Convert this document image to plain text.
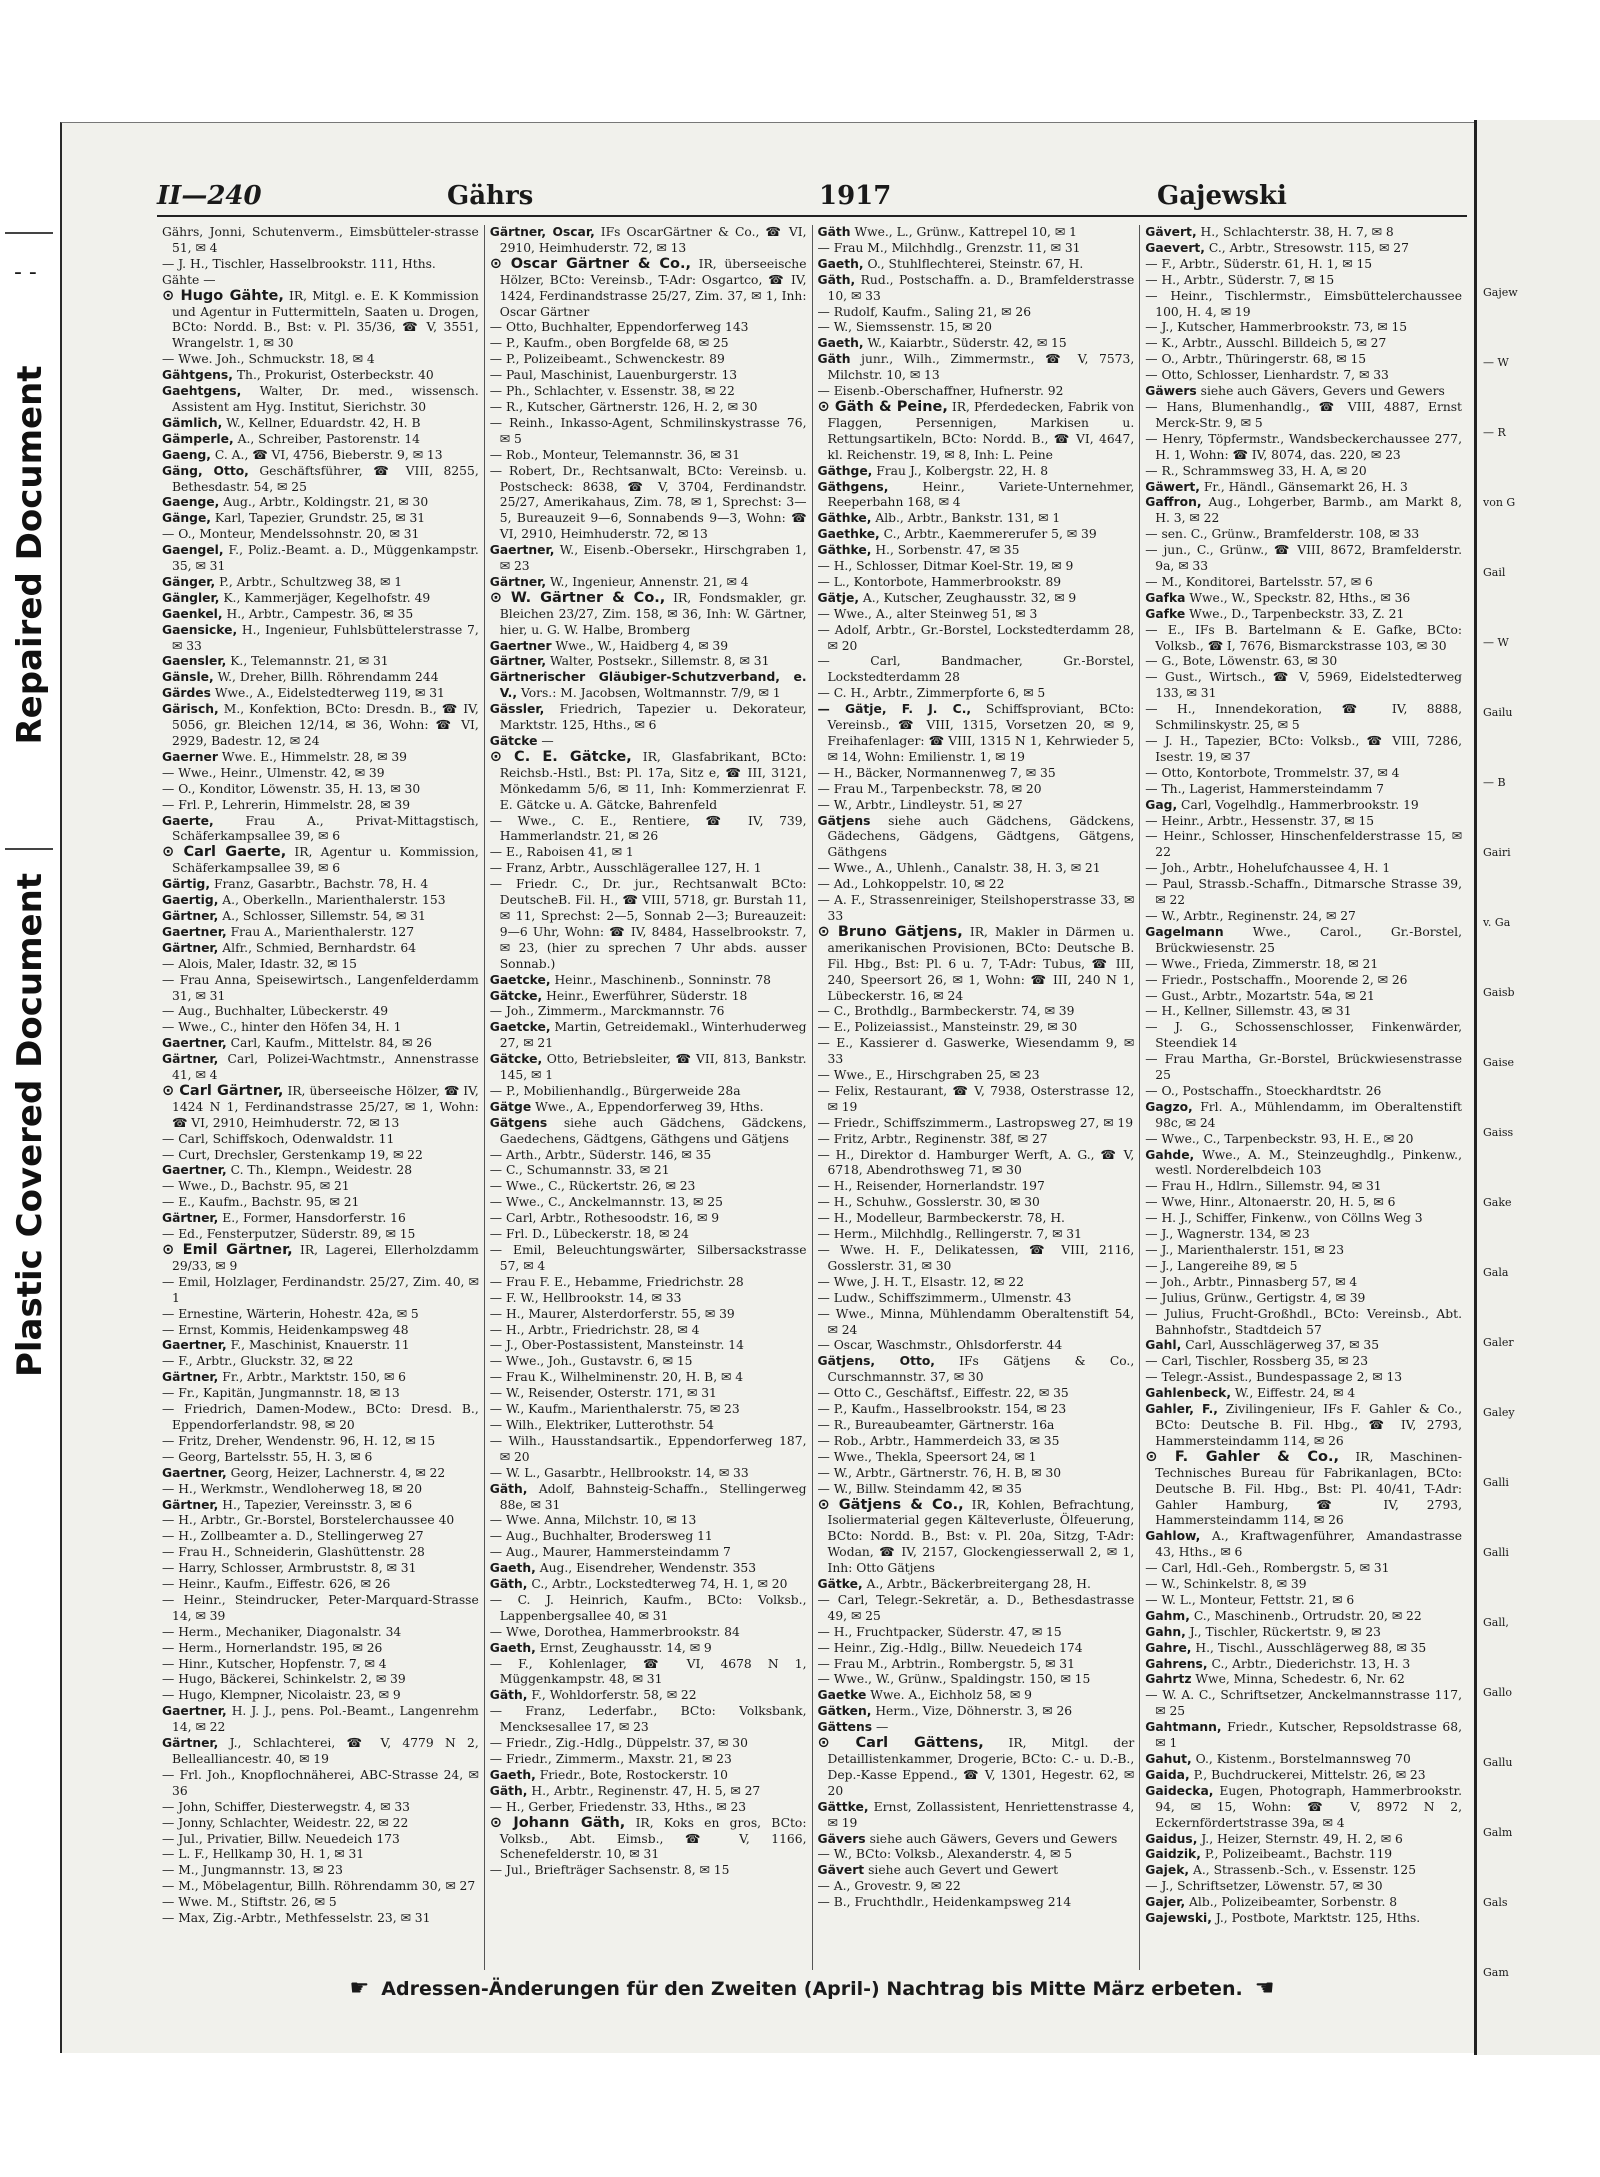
- -
Repaired Document
Plastic Covered Document
II—240	Gährs	1917	Gajewski

Gährs, Jonni, Schutenverm., Eimsbütteler-strasse 51, ✉ 4

— J. H., Tischler, Hasselbrookstr. 111, Hths.

Gähte —

⊙ Hugo Gähte, IR, Mitgl. e. E. K Kommission und Agentur in Futtermitteln, Saaten u. Drogen, BCto: Nordd. B., Bst: v. Pl. 35/36, ☎ V, 3551, Wrangelstr. 1, ✉ 30

— Wwe. Joh., Schmuckstr. 18, ✉ 4

Gähtgens, Th., Prokurist, Osterbeckstr. 40

Gaehtgens, Walter, Dr. med., wissensch. Assistent am Hyg. Institut, Sierichstr. 30

Gämlich, W., Kellner, Eduardstr. 42, H. B

Gämperle, A., Schreiber, Pastorenstr. 14

Gaeng, C. A., ☎ VI, 4756, Bieberstr. 9, ✉ 13

Gäng, Otto, Geschäftsführer, ☎ VIII, 8255, Bethesdastr. 54, ✉ 25

Gaenge, Aug., Arbtr., Koldingstr. 21, ✉ 30

Gänge, Karl, Tapezier, Grundstr. 25, ✉ 31

— O., Monteur, Mendelssohnstr. 20, ✉ 31

Gaengel, F., Poliz.-Beamt. a. D., Müggenkampstr. 35, ✉ 31

Gänger, P., Arbtr., Schultzweg 38, ✉ 1

Gängler, K., Kammerjäger, Kegelhofstr. 49

Gaenkel, H., Arbtr., Campestr. 36, ✉ 35

Gaensicke, H., Ingenieur, Fuhlsbüttelerstrasse 7, ✉ 33

Gaensler, K., Telemannstr. 21, ✉ 31

Gänsle, W., Dreher, Billh. Röhrendamm 244

Gärdes Wwe., A., Eidelstedterweg 119, ✉ 31

Gärisch, M., Konfektion, BCto: Dresdn. B., ☎ IV, 5056, gr. Bleichen 12/14, ✉ 36, Wohn: ☎ VI, 2929, Badestr. 12, ✉ 24

Gaerner Wwe. E., Himmelstr. 28, ✉ 39

— Wwe., Heinr., Ulmenstr. 42, ✉ 39

— O., Konditor, Löwenstr. 35, H. 13, ✉ 30

— Frl. P., Lehrerin, Himmelstr. 28, ✉ 39

Gaerte,	Frau A., Privat-Mittagstisch, Schäferkampsallee 39, ✉ 6

⊙ Carl Gaerte, IR, Agentur u. Kommission, Schäferkampsallee 39, ✉ 6

Gärtig, Franz, Gasarbtr., Bachstr. 78, H. 4

Gaertig, A., Oberkelln., Marienthalerstr. 153

Gärtner, A., Schlosser, Sillemstr. 54, ✉ 31

Gaertner, Frau A., Marienthalerstr. 127

Gärtner, Alfr., Schmied, Bernhardstr. 64

— Alois, Maler, Idastr. 32, ✉ 15

— Frau Anna, Speisewirtsch., Langenfelderdamm 31, ✉ 31

— Aug., Buchhalter, Lübeckerstr. 49

— Wwe., C., hinter den Höfen 34, H. 1

Gaertner, Carl, Kaufm., Mittelstr. 84, ✉ 26

Gärtner, Carl, Polizei-Wachtmstr., Annenstrasse 41, ✉ 4

⊙ Carl Gärtner, IR, überseeische Hölzer, ☎ IV, 1424 N 1, Ferdinandstrasse 25/27, ✉ 1, Wohn: ☎ VI, 2910, Heimhuderstr. 72, ✉ 13

— Carl, Schiffskoch, Odenwaldstr. 11

— Curt, Drechsler, Gerstenkamp 19, ✉ 22

Gaertner, C. Th., Klempn., Weidestr. 28

— Wwe., D., Bachstr. 95, ✉ 21

— E., Kaufm., Bachstr. 95, ✉ 21

Gärtner, E., Former, Hansdorferstr. 16

— Ed., Fensterputzer, Süderstr. 89, ✉ 15

⊙ Emil Gärtner, IR, Lagerei, Ellerholzdamm 29/33, ✉ 9

— Emil, Holzlager, Ferdinandstr. 25/27, Zim. 40, ✉ 1

— Ernestine, Wärterin, Hohestr. 42a, ✉ 5

— Ernst, Kommis, Heidenkampsweg 48

Gaertner, F., Maschinist, Knauerstr. 11

— F., Arbtr., Gluckstr. 32, ✉ 22

Gärtner, Fr., Arbtr., Marktstr. 150, ✉ 6

— Fr., Kapitän, Jungmannstr. 18, ✉ 13

— Friedrich, Damen-Modew., BCto: Dresd. B., Eppendorferlandstr. 98, ✉ 20

— Fritz, Dreher, Wendenstr. 96, H. 12, ✉ 15

— Georg, Bartelsstr. 55, H. 3, ✉ 6

Gaertner, Georg, Heizer, Lachnerstr. 4, ✉ 22

— H., Werkmstr., Wendloherweg 18, ✉ 20

Gärtner, H., Tapezier, Vereinsstr. 3, ✉ 6

— H., Arbtr., Gr.-Borstel, Borstelerchaussee 40

— H., Zollbeamter a. D., Stellingerweg 27

— Frau H., Schneiderin, Glashüttenstr. 28

— Harry, Schlosser, Armbruststr. 8, ✉ 31

— Heinr., Kaufm., Eiffestr. 626, ✉ 26

— Heinr., Steindrucker, Peter-Marquard-Strasse 14, ✉ 39

— Herm., Mechaniker, Diagonalstr. 34

— Herm., Hornerlandstr. 195, ✉ 26

— Hinr., Kutscher, Hopfenstr. 7, ✉ 4

— Hugo, Bäckerei, Schinkelstr. 2, ✉ 39

— Hugo, Klempner, Nicolaistr. 23, ✉ 9

Gaertner, H. J. J., pens. Pol.-Beamt., Langenrehm 14, ✉ 22

Gärtner, J., Schlachterei, ☎ V, 4779 N 2, Bellealliancestr. 40, ✉ 19

— Frl. Joh., Knopflochnäherei, ABC-Strasse 24, ✉ 36

— John, Schiffer, Diesterwegstr. 4, ✉ 33

— Jonny, Schlachter, Weidestr. 22, ✉ 22

— Jul., Privatier, Billw. Neuedeich 173

— L. F., Hellkamp 30, H. 1, ✉ 31

— M., Jungmannstr. 13, ✉ 23

— M., Möbelagentur, Billh. Röhrendamm 30, ✉ 27

— Wwe. M., Stiftstr. 26, ✉ 5

— Max, Zig.-Arbtr., Methfesselstr. 23, ✉ 31

Gärtner, Oscar, IFs OscarGärtner & Co., ☎ VI, 2910, Heimhuderstr. 72, ✉ 13

⊙ Oscar Gärtner & Co., IR, überseeische Hölzer, BCto: Vereinsb., T-Adr: Osgartco, ☎ IV, 1424, Ferdinandstrasse 25/27, Zim. 37, ✉ 1, Inh: Oscar Gärtner

— Otto, Buchhalter, Eppendorferweg 143

— P., Kaufm., oben Borgfelde 68, ✉ 25

— P., Polizeibeamt., Schwenckestr. 89

— Paul, Maschinist, Lauenburgerstr. 13

— Ph., Schlachter, v. Essenstr. 38, ✉ 22

— R., Kutscher, Gärtnerstr. 126, H. 2, ✉ 30

— Reinh., Inkasso-Agent, Schmilinskystrasse 76, ✉ 5

— Rob., Monteur, Telemannstr. 36, ✉ 31

— Robert, Dr., Rechtsanwalt, BCto: Vereinsb. u. Postscheck: 8638, ☎ V, 3704, Ferdinandstr. 25/27, Amerikahaus, Zim. 78, ✉ 1, Sprechst: 3—5, Bureauzeit 9—6, Sonnabends 9—3, Wohn: ☎ VI, 2910, Heimhuderstr. 72, ✉ 13

Gaertner, W., Eisenb.-Obersekr., Hirschgraben 1, ✉ 23

Gärtner, W., Ingenieur, Annenstr. 21, ✉ 4

⊙ W. Gärtner & Co., IR, Fondsmakler, gr. Bleichen 23/27, Zim. 158, ✉ 36, Inh: W. Gärtner, hier, u. G. W. Halbe, Bromberg

Gaertner Wwe., W., Haidberg 4, ✉ 39

Gärtner, Walter, Postsekr., Sillemstr. 8, ✉ 31

Gärtnerischer Gläubiger-Schutzverband, e. V., Vors.: M. Jacobsen, Woltmannstr. 7/9, ✉ 1

Gässler, Friedrich, Tapezier u. Dekorateur, Marktstr. 125, Hths., ✉ 6

Gätcke —

⊙ C. E. Gätcke, IR, Glasfabrikant, BCto: Reichsb.-Hstl., Bst: Pl. 17a, Sitz e, ☎ III, 3121, Mönkedamm 5/6, ✉ 11, Inh: Kommerzienrat F. E. Gätcke u. A. Gätcke, Bahrenfeld

— Wwe., C. E., Rentiere, ☎ IV, 739, Hammerlandstr. 21, ✉ 26

— E., Raboisen 41, ✉ 1

— Franz, Arbtr., Ausschlägerallee 127, H. 1

— Friedr. C., Dr. jur., Rechtsanwalt BCto: DeutscheB. Fil. H., ☎ VIII, 5718, gr. Burstah 11, ✉ 11, Sprechst: 2—5, Sonnab 2—3; Bureauzeit: 9—6 Uhr, Wohn: ☎ IV, 8484, Hasselbrookstr. 7, ✉ 23, (hier zu sprechen 7 Uhr abds. ausser Sonnab.)

Gaetcke, Heinr., Maschinenb., Sonninstr. 78

Gätcke, Heinr., Ewerführer, Süderstr. 18

— Joh., Zimmerm., Marckmannstr. 76

Gaetcke, Martin, Getreidemakl., Winterhuderweg 27, ✉ 21

Gätcke, Otto, Betriebsleiter, ☎ VII, 813, Bankstr. 145, ✉ 1

— P., Mobilienhandlg., Bürgerweide 28a

Gätge Wwe., A., Eppendorferweg 39, Hths.

Gätgens siehe auch Gädchens, Gädckens, Gaedechens, Gädtgens, Gäthgens und Gätjens

— Arth., Arbtr., Süderstr. 146, ✉ 35

— C., Schumannstr. 33, ✉ 21

— Wwe., C., Rückertstr. 26, ✉ 23

— Wwe., C., Anckelmannstr. 13, ✉ 25

— Carl, Arbtr., Rothesoodstr. 16, ✉ 9

— Frl. D., Lübeckerstr. 18, ✉ 24

— Emil, Beleuchtungswärter, Silbersackstrasse 57, ✉ 4

— Frau F. E., Hebamme, Friedrichstr. 28

— F. W., Hellbrookstr. 14, ✉ 33

— H., Maurer, Alsterdorferstr. 55, ✉ 39

— H., Arbtr., Friedrichstr. 28, ✉ 4

— J., Ober-Postassistent, Mansteinstr. 14

— Wwe., Joh., Gustavstr. 6, ✉ 15

— Frau K., Wilhelminenstr. 20, H. B, ✉ 4

— W., Reisender, Osterstr. 171, ✉ 31

— W., Kaufm., Marienthalerstr. 75, ✉ 23

— Wilh., Elektriker, Lutterothstr. 54

— Wilh., Hausstandsartik., Eppendorferweg 187, ✉ 20

— W. L., Gasarbtr., Hellbrookstr. 14, ✉ 33

Gäth, Adolf, Bahnsteig-Schaffn., Stellingerweg 88e, ✉ 31

— Wwe. Anna, Milchstr. 10, ✉ 13

— Aug., Buchhalter, Brodersweg 11

— Aug., Maurer, Hammersteindamm 7

Gaeth, Aug., Eisendreher, Wendenstr. 353

Gäth, C., Arbtr., Lockstedterweg 74, H. 1, ✉ 20

— C. J. Heinrich, Kaufm., BCto: Volksb., Lappenbergsallee 40, ✉ 31

— Wwe, Dorothea, Hammerbrookstr. 84

Gaeth, Ernst, Zeughausstr. 14, ✉ 9

— F., Kohlenlager, ☎ VI, 4678 N 1, Müggenkampstr. 48, ✉ 31

Gäth, F., Wohldorferstr. 58, ✉ 22

— Franz, Lederfabr., BCto: Volksbank, Mencksesallee 17, ✉ 23

— Friedr., Zig.-Hdlg., Düppelstr. 37, ✉ 30

— Friedr., Zimmerm., Maxstr. 21, ✉ 23

Gaeth, Friedr., Bote, Rostockerstr. 10

Gäth, H., Arbtr., Reginenstr. 47, H. 5, ✉ 27

— H., Gerber, Friedenstr. 33, Hths., ✉ 23

⊙ Johann Gäth, IR, Koks en gros, BCto: Volksb., Abt. Eimsb., ☎ V, 1166, Schenefelderstr. 10, ✉ 31

— Jul., Briefträger Sachsenstr. 8, ✉ 15

Gäth Wwe., L., Grünw., Kattrepel 10, ✉ 1

— Frau M., Milchhdlg., Grenzstr. 11, ✉ 31

Gaeth, O., Stuhlflechterei, Steinstr. 67, H.

Gäth, Rud., Postschaffn. a. D., Bramfelderstrasse 10, ✉ 33

— Rudolf, Kaufm., Saling 21, ✉ 26

— W., Siemssenstr. 15, ✉ 20

Gaeth, W., Kaiarbtr., Süderstr. 42, ✉ 15

Gäth junr., Wilh., Zimmermstr., ☎ V, 7573, Milchstr. 10, ✉ 13

— Eisenb.-Oberschaffner, Hufnerstr. 92

⊙ Gäth & Peine, IR, Pferdedecken, Fabrik von Flaggen, Persennigen, Markisen u. Rettungsartikeln, BCto: Nordd. B., ☎ VI, 4647, kl. Reichenstr. 19, ✉ 8, Inh: L. Peine

Gäthge, Frau J., Kolbergstr. 22, H. 8

Gäthgens,	Heinr., Variete-Unternehmer, Reeperbahn 168, ✉ 4

Gäthke, Alb., Arbtr., Bankstr. 131, ✉ 1

Gaethke, C., Arbtr., Kaemmererufer 5, ✉ 39

Gäthke, H., Sorbenstr. 47, ✉ 35

— H., Schlosser, Ditmar Koel-Str. 19, ✉ 9

— L., Kontorbote, Hammerbrookstr. 89

Gätje, A., Kutscher, Zeughausstr. 32, ✉ 9

— Wwe., A., alter Steinweg 51, ✉ 3

— Adolf, Arbtr., Gr.-Borstel, Lockstedterdamm 28, ✉ 20

— Carl, Bandmacher, Gr.-Borstel, Lockstedterdamm 28

— C. H., Arbtr., Zimmerpforte 6, ✉ 5

— Gätje, F. J. C., Schiffsproviant, BCto: Vereinsb., ☎ VIII, 1315, Vorsetzen 20, ✉ 9, Freihafenlager: ☎ VIII, 1315 N 1, Kehrwieder 5, ✉ 14, Wohn: Emilienstr. 1, ✉ 19

— H., Bäcker, Normannenweg 7, ✉ 35

— Frau M., Tarpenbeckstr. 78, ✉ 20

— W., Arbtr., Lindleystr. 51, ✉ 27

Gätjens siehe auch Gädchens, Gädckens, Gädechens, Gädgens, Gädtgens, Gätgens, Gäthgens

— Wwe., A., Uhlenh., Canalstr. 38, H. 3, ✉ 21

— Ad., Lohkoppelstr. 10, ✉ 22

— A. F., Strassenreiniger, Steilshoperstrasse 33, ✉ 33

⊙ Bruno Gätjens, IR, Makler in Därmen u. amerikanischen Provisionen, BCto: Deutsche B. Fil. Hbg., Bst: Pl. 6 u. 7, T-Adr: Tubus, ☎ III, 240, Speersort 26, ✉ 1, Wohn: ☎ III, 240 N 1, Lübeckerstr. 16, ✉ 24

— C., Brothdlg., Barmbeckerstr. 74, ✉ 39

— E., Polizeiassist., Mansteinstr. 29, ✉ 30

— E., Kassierer d. Gaswerke, Wiesendamm 9, ✉ 33

— Wwe., E., Hirschgraben 25, ✉ 23

— Felix, Restaurant, ☎ V, 7938, Osterstrasse 12, ✉ 19

— Friedr., Schiffszimmerm., Lastropsweg 27, ✉ 19

— Fritz, Arbtr., Reginenstr. 38f, ✉ 27

— H., Direktor d. Hamburger Werft, A. G., ☎ V, 6718, Abendrothsweg 71, ✉ 30

— H., Reisender, Hornerlandstr. 197

— H., Schuhw., Gosslerstr. 30, ✉ 30

— H., Modelleur, Barmbeckerstr. 78, H.

— Herm., Milchhdlg., Rellingerstr. 7, ✉ 31

— Wwe. H. F., Delikatessen, ☎ VIII, 2116, Gosslerstr. 31, ✉ 30

— Wwe, J. H. T., Elsastr. 12, ✉ 22

— Ludw., Schiffszimmerm., Ulmenstr. 43

— Wwe., Minna, Mühlendamm Oberaltenstift 54, ✉ 24

— Oscar, Waschmstr., Ohlsdorferstr. 44

Gätjens, Otto, IFs Gätjens & Co., Curschmannstr. 37, ✉ 30

— Otto C., Geschäftsf., Eiffestr. 22, ✉ 35

— P., Kaufm., Hasselbrookstr. 154, ✉ 23

— R., Bureaubeamter, Gärtnerstr. 16a

— Rob., Arbtr., Hammerdeich 33, ✉ 35

— Wwe., Thekla, Speersort 24, ✉ 1

— W., Arbtr., Gärtnerstr. 76, H. B, ✉ 30

— W., Billw. Steindamm 42, ✉ 35

⊙ Gätjens & Co., IR, Kohlen, Befrachtung, Isoliermaterial gegen Kälteverluste, Ölfeuerung, BCto: Nordd. B., Bst: v. Pl. 20a, Sitzg, T-Adr: Wodan, ☎ IV, 2157, Glockengiesserwall 2, ✉ 1, Inh: Otto Gätjens

Gätke, A., Arbtr., Bäckerbreitergang 28, H.

— Carl, Telegr.-Sekretär, a. D., Bethesdastrasse 49, ✉ 25

— H., Fruchtpacker, Süderstr. 47, ✉ 15

— Heinr., Zig.-Hdlg., Billw. Neuedeich 174

— Frau M., Arbtrin., Rombergstr. 5, ✉ 31

— Wwe., W., Grünw., Spaldingstr. 150, ✉ 15

Gaetke Wwe. A., Eichholz 58, ✉ 9

Gätken, Herm., Vize, Döhnerstr. 3, ✉ 26

Gättens —

⊙ Carl Gättens, IR, Mitgl. der Detaillistenkammer, Drogerie, BCto: C.- u. D.-B., Dep.-Kasse Eppend., ☎ V, 1301, Hegestr. 62, ✉ 20

Gättke, Ernst, Zollassistent, Henriettenstrasse 4, ✉ 19

Gävers siehe auch Gäwers, Gevers und Gewers

— W., BCto: Volksb., Alexanderstr. 4, ✉ 5

Gävert siehe auch Gevert und Gewert

— A., Grovestr. 9, ✉ 22

— B., Fruchthdlr., Heidenkampsweg 214

Gävert, H., Schlachterstr. 38, H. 7, ✉ 8

Gaevert, C., Arbtr., Stresowstr. 115, ✉ 27

— F., Arbtr., Süderstr. 61, H. 1, ✉ 15

— H., Arbtr., Süderstr. 7, ✉ 15

— Heinr., Tischlermstr., Eimsbüttelerchaussee 100, H. 4, ✉ 19

— J., Kutscher, Hammerbrookstr. 73, ✉ 15

— K., Arbtr., Ausschl. Billdeich 5, ✉ 27

— O., Arbtr., Thüringerstr. 68, ✉ 15

— Otto, Schlosser, Lienhardstr. 7, ✉ 33

Gäwers siehe auch Gävers, Gevers und Gewers

— Hans, Blumenhandlg., ☎ VIII, 4887, Ernst Merck-Str. 9, ✉ 5

— Henry, Töpfermstr., Wandsbeckerchaussee 277, H. 1, Wohn: ☎ IV, 8074, das. 220, ✉ 23

— R., Schrammsweg 33, H. A, ✉ 20

Gäwert, Fr., Händl., Gänsemarkt 26, H. 3

Gaffron, Aug., Lohgerber, Barmb., am Markt 8, H. 3, ✉ 22

— sen. C., Grünw., Bramfelderstr. 108, ✉ 33

— jun., C., Grünw., ☎ VIII, 8672, Bramfelderstr. 9a, ✉ 33

— M., Konditorei, Bartelsstr. 57, ✉ 6

Gafka Wwe., W., Speckstr. 82, Hths., ✉ 36

Gafke Wwe., D., Tarpenbeckstr. 33, Z. 21

— E., IFs B. Bartelmann & E. Gafke, BCto: Volksb., ☎ I, 7676, Bismarckstrasse 103, ✉ 30

— G., Bote, Löwenstr. 63, ✉ 30

— Gust., Wirtsch., ☎ V, 5969, Eidelstedterweg 133, ✉ 31

— H., Innendekoration, ☎ IV, 8888, Schmilinskystr. 25, ✉ 5

— J. H., Tapezier, BCto: Volksb., ☎ VIII, 7286, Isestr. 19, ✉ 37

— Otto, Kontorbote, Trommelstr. 37, ✉ 4

— Th., Lagerist, Hammersteindamm 7

Gag, Carl, Vogelhdlg., Hammerbrookstr. 19

— Heinr., Arbtr., Hessenstr. 37, ✉ 15

— Heinr., Schlosser, Hinschenfelderstrasse 15, ✉ 22

— Joh., Arbtr., Hohelufchaussee 4, H. 1

— Paul, Strassb.-Schaffn., Ditmarsche Strasse 39, ✉ 22

— W., Arbtr., Reginenstr. 24, ✉ 27

Gagelmann Wwe., Carol., Gr.-Borstel, Brückwiesenstr. 25

— Wwe., Frieda, Zimmerstr. 18, ✉ 21

— Friedr., Postschaffn., Moorende 2, ✉ 26

— Gust., Arbtr., Mozartstr. 54a, ✉ 21

— H., Kellner, Sillemstr. 43, ✉ 31

— J. G., Schossenschlosser, Finkenwärder, Steendiek 14

— Frau Martha, Gr.-Borstel, Brückwiesenstrasse 25

— O., Postschaffn., Stoeckhardtstr. 26

Gagzo, Frl. A., Mühlendamm, im Oberaltenstift 98c, ✉ 24

— Wwe., C., Tarpenbeckstr. 93, H. E., ✉ 20

Gahde, Wwe., A. M., Steinzeughdlg., Pinkenw., westl. Norderelbdeich 103

— Frau H., Hdlrn., Sillemstr. 94, ✉ 31

— Wwe, Hinr., Altonaerstr. 20, H. 5, ✉ 6

— H. J., Schiffer, Finkenw., von Cöllns Weg 3

— J., Wagnerstr. 134, ✉ 23

— J., Marienthalerstr. 151, ✉ 23

— J., Langereihe 89, ✉ 5

— Joh., Arbtr., Pinnasberg 57, ✉ 4

— Julius, Grünw., Gertigstr. 4, ✉ 39

— Julius, Frucht-Großhdl., BCto: Vereinsb., Abt. Bahnhofstr., Stadtdeich 57

Gahl, Carl, Ausschlägerweg 37, ✉ 35

— Carl, Tischler, Rossberg 35, ✉ 23

— Telegr.-Assist., Bundespassage 2, ✉ 13

Gahlenbeck, W., Eiffestr. 24, ✉ 4

Gahler, F., Zivilingenieur, IFs F. Gahler & Co., BCto: Deutsche B. Fil. Hbg., ☎ IV, 2793, Hammersteindamm 114, ✉ 26

⊙ F. Gahler & Co., IR, Maschinen-Technisches Bureau für Fabrikanlagen, BCto: Deutsche B. Fil. Hbg., Bst: Pl. 40/41, T-Adr: Gahler Hamburg, ☎ IV, 2793, Hammersteindamm 114, ✉ 26

Gahlow, A., Kraftwagenführer, Amandastrasse 43, Hths., ✉ 6

— Carl, Hdl.-Geh., Rombergstr. 5, ✉ 31

— W., Schinkelstr. 8, ✉ 39

— W. L., Monteur, Fettstr. 21, ✉ 6

Gahm, C., Maschinenb., Ortrudstr. 20, ✉ 22

Gahn, J., Tischler, Rückertstr. 9, ✉ 23

Gahre, H., Tischl., Ausschlägerweg 88, ✉ 35

Gahrens, C., Arbtr., Diederichstr. 13, H. 3

Gahrtz Wwe, Minna, Schedestr. 6, Nr. 62

— W. A. C., Schriftsetzer, Anckelmannstrasse 117, ✉ 25

Gahtmann, Friedr., Kutscher, Repsoldstrasse 68, ✉ 1

Gahut, O., Kistenm., Borstelmannsweg 70

Gaida, P., Buchdruckerei, Mittelstr. 26, ✉ 23

Gaidecka, Eugen, Photograph, Hammerbrookstr. 94, ✉ 15, Wohn: ☎ V, 8972 N 2, Eckernfördertstrasse 39a, ✉ 4

Gaidus, J., Heizer, Sternstr. 49, H. 2, ✉ 6

Gaidzik, P., Polizeibeamt., Bachstr. 119

Gajek, A., Strassenb.-Sch., v. Essenstr. 125

— J., Schriftsetzer, Löwenstr. 57, ✉ 30

Gajer, Alb., Polizeibeamter, Sorbenstr. 8

Gajewski, J., Postbote, Marktstr. 125, Hths.

☛ Adressen-Änderungen für den Zweiten (April-) Nachtrag bis Mitte März erbeten. ☚
Gajew
— W
— R
von G
Gail
— W
Gailu
— B
Gairi
v. Ga
Gaisb
Gaise
Gaiss
Gake
Gala
Galer
Galey
Galli
Galli
Gall,
Gallo
Gallu
Galm
Gals
Gam
